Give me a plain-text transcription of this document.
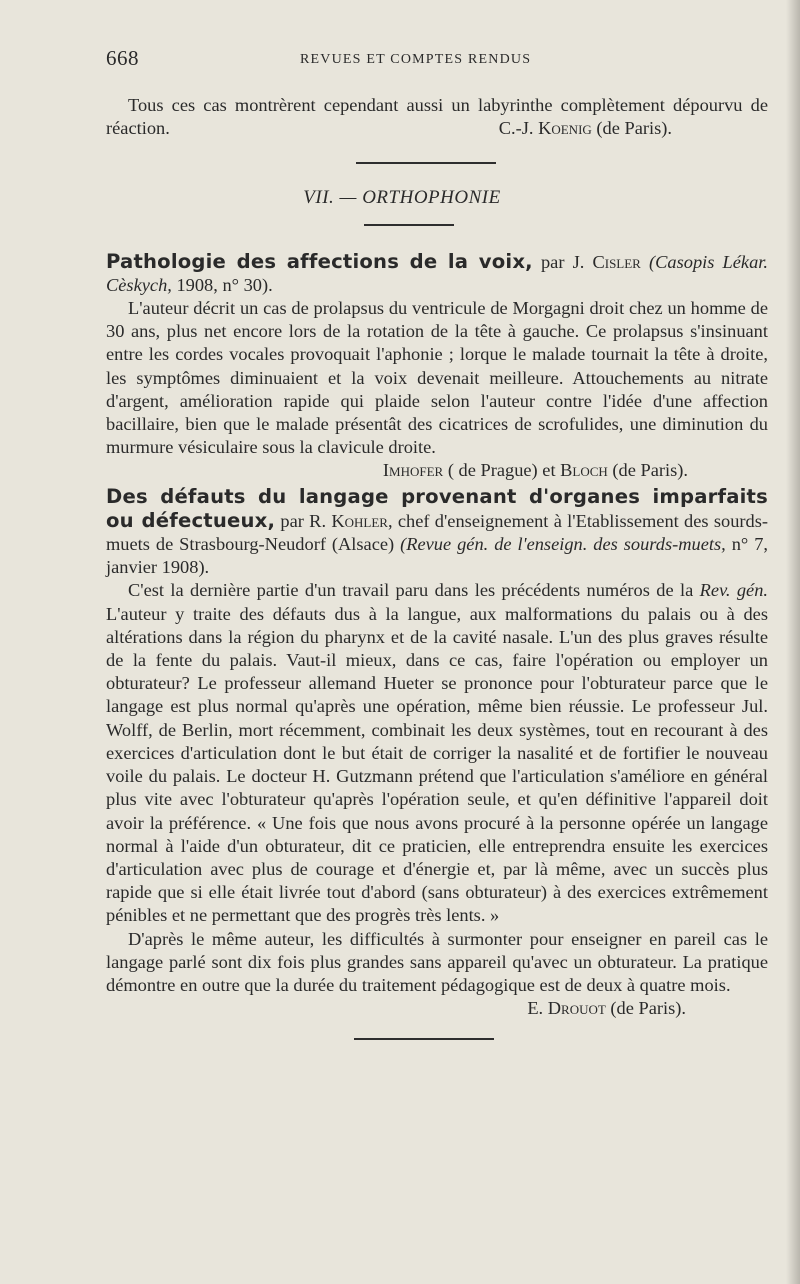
668	REVUES ET COMPTES RENDUS

Tous ces cas montrèrent cependant aussi un labyrinthe complètement dépourvu de réaction.	C.-J. Koenig (de Paris).

VII. — ORTHOPHONIE

Pathologie des affections de la voix, par J. Cisler (Casopis Lékar. Cèskych, 1908, n° 30).

L'auteur décrit un cas de prolapsus du ventricule de Morgagni droit chez un homme de 30 ans, plus net encore lors de la rotation de la tête à gauche. Ce prolapsus s'insinuant entre les cordes vocales provoquait l'aphonie ; lorque le malade tournait la tête à droite, les symptômes diminuaient et la voix devenait meilleure. Attouchements au nitrate d'argent, amélioration rapide qui plaide selon l'auteur contre l'idée d'une affection bacillaire, bien que le malade présentât des cicatrices de scrofulides, une diminution du murmure vésiculaire sous la clavicule droite.

Imhofer ( de Prague) et Bloch (de Paris).

Des défauts du langage provenant d'organes imparfaits ou défectueux, par R. Kohler, chef d'enseignement à l'Etablissement des sourds-muets de Strasbourg-Neudorf (Alsace) (Revue gén. de l'enseign. des sourds-muets, n° 7, janvier 1908).

C'est la dernière partie d'un travail paru dans les précédents numéros de la Rev. gén. L'auteur y traite des défauts dus à la langue, aux malformations du palais ou à des altérations dans la région du pharynx et de la cavité nasale. L'un des plus graves résulte de la fente du palais. Vaut-il mieux, dans ce cas, faire l'opération ou employer un obturateur? Le professeur allemand Hueter se prononce pour l'obturateur parce que le langage est plus normal qu'après une opération, même bien réussie. Le professeur Jul. Wolff, de Berlin, mort récemment, combinait les deux systèmes, tout en recourant à des exercices d'articulation dont le but était de corriger la nasalité et de fortifier le nouveau voile du palais. Le docteur H. Gutzmann prétend que l'articulation s'améliore en général plus vite avec l'obturateur qu'après l'opération seule, et qu'en définitive l'appareil doit avoir la préférence. « Une fois que nous avons procuré à la personne opérée un langage normal à l'aide d'un obturateur, dit ce praticien, elle entreprendra ensuite les exercices d'articulation avec plus de courage et d'énergie et, par là même, avec un succès plus rapide que si elle était livrée tout d'abord (sans obturateur) à des exercices extrêmement pénibles et ne permettant que des progrès très lents. »

D'après le même auteur, les difficultés à surmonter pour enseigner en pareil cas le langage parlé sont dix fois plus grandes sans appareil qu'avec un obturateur. La pratique démontre en outre que la durée du traitement pédagogique est de deux à quatre mois.

E. Drouot (de Paris).
